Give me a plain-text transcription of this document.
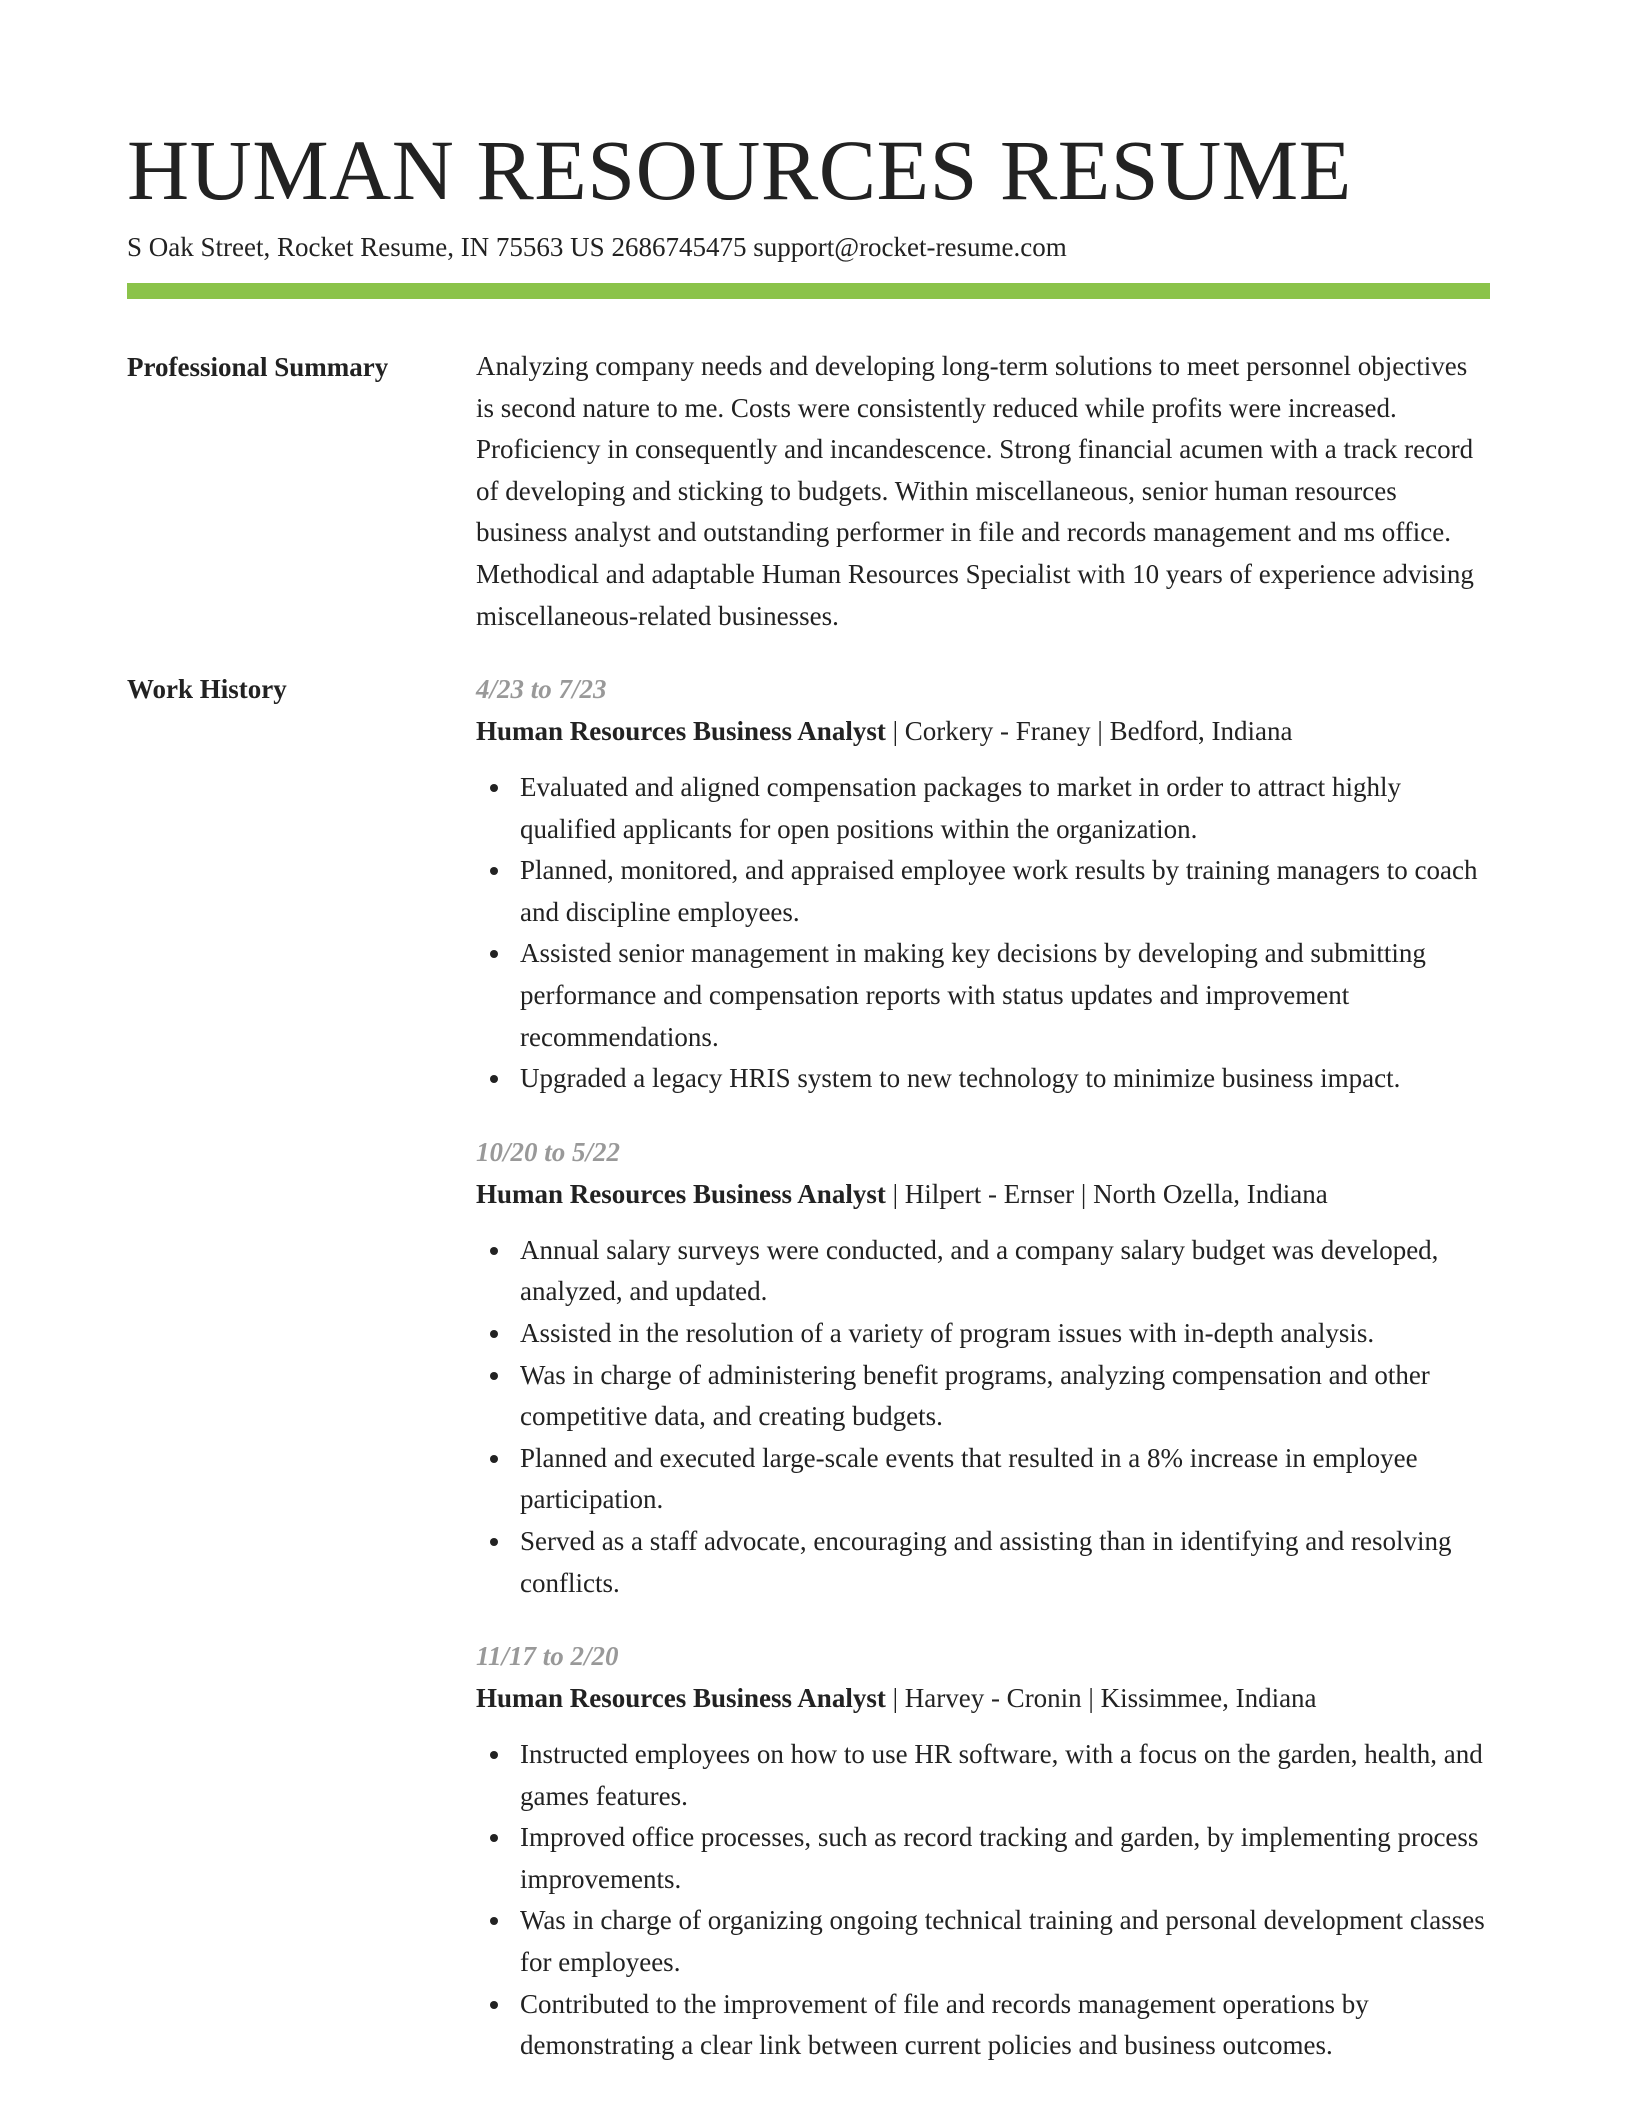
HUMAN RESOURCES RESUME
S Oak Street, Rocket Resume, IN 75563 US 2686745475 support@rocket-resume.com
Professional Summary	Analyzing company needs and developing long-term solutions to meet personnel objectives is second nature to me. Costs were consistently reduced while profits were increased. Proficiency in consequently and incandescence. Strong financial acumen with a track record of developing and sticking to budgets. Within miscellaneous, senior human resources business analyst and outstanding performer in file and records management and ms office. Methodical and adaptable Human Resources Specialist with 10 years of experience advising miscellaneous-related businesses.

Work History	4/23 to 7/23
Human Resources Business Analyst | Corkery - Franey | Bedford, Indiana
Evaluated and aligned compensation packages to market in order to attract highly qualified applicants for open positions within the organization.
Planned, monitored, and appraised employee work results by training managers to coach and discipline employees.
Assisted senior management in making key decisions by developing and submitting performance and compensation reports with status updates and improvement recommendations.
Upgraded a legacy HRIS system to new technology to minimize business impact.
10/20 to 5/22
Human Resources Business Analyst | Hilpert - Ernser | North Ozella, Indiana
Annual salary surveys were conducted, and a company salary budget was developed, analyzed, and updated.
Assisted in the resolution of a variety of program issues with in-depth analysis.
Was in charge of administering benefit programs, analyzing compensation and other competitive data, and creating budgets.
Planned and executed large-scale events that resulted in a 8% increase in employee participation.
Served as a staff advocate, encouraging and assisting than in identifying and resolving conflicts.
11/17 to 2/20
Human Resources Business Analyst | Harvey - Cronin | Kissimmee, Indiana
Instructed employees on how to use HR software, with a focus on the garden, health, and games features.
Improved office processes, such as record tracking and garden, by implementing process improvements.
Was in charge of organizing ongoing technical training and personal development classes for employees.
Contributed to the improvement of file and records management operations by demonstrating a clear link between current policies and business outcomes.
